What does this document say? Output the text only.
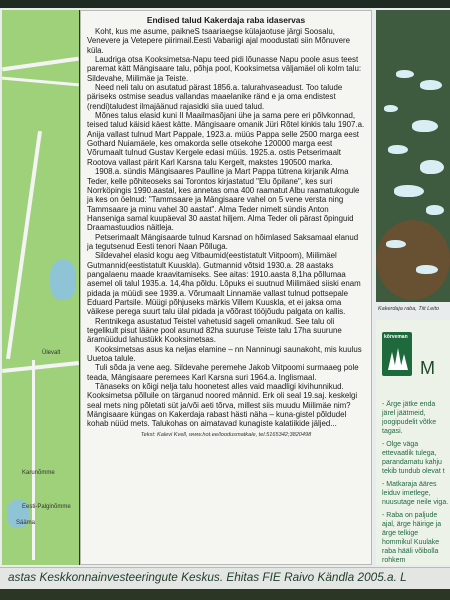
Ülevalt
Karunõmme
Eesti-Palginõmme
Sääma

Endised talud Kakerdaja raba idaservas

Koht, kus me asume, paikneS tsaariaegse külajaotuse järgi Soosalu, Venevere ja Vetepere piirimail.Eesti Vabariigi ajal moodustati siin Mõnuvere küla.

Laudriga otsa Kooksimetsa-Napu teed pidi lõunasse Napu poole asus teest paremat kätt Mängisaare talu, põhja pool, Kooksimetsa väljamäel oli kolm talu: Sildevahe, Miilimäe ja Teiste.

Need neli talu on asutatud pärast 1856.a. talurahvaseadust. Too talude päriseks ostmise seadus vallandas maaelanike ränd e ja oma endistest (rendi)taludest ilmajäänud rajasidki siia uued talud.

Mõnes talus elasid kuni II Maailmasõjani ühe ja sama pere eri põlvkonnad, teised talud käisid käest kätte. Mängisaare omanik Jüri Rõtel kinkis talu 1907.a. Anija vallast tulnud Mart Pappale, 1923.a. müüs Pappa selle 2500 marga eest Gothard Nuiamäele, kes omakorda selle otsekohe 120000 marga eest Võrumaalt tulnud Gustav Kergele edasi müüs. 1925.a. ostis Petserimaalt Rootova vallast pärit Karl Karsna talu Kergelt, makstes 190500 marka.

1908.a. sündis Mängisaares Paulline ja Mart Pappa tütrena kirjanik Alma Teder, kelle põhiteoseks sai Torontos kirjastatud "Elu õpilane", kes suri Norrköpingis 1990.aastal, kes annetas oma 400 raamatut Albu raamatukogule ja kes on öelnud: "Tammsaare ja Mängisaare vahel on 5 vene versta ning Tammsaare ja minu vahel 30 aastat". Alma Teder nimelt sündis Anton Hanseniga samal kuupäeval 30 aastat hiljem. Alma Teder oli pärast õpinguid Draamastuudios näitleja.

Petserimaalt Mängisaarde tulnud Karsnad on hõimlased Saksamaal elanud ja tegutsenud Eesti tenori Naan Põlluga.

Sildevahel elasid kogu aeg Vitbaumid(eestistatult Viitpoom), Miilimäel Gutmannid(eestistatult Kuuskla). Gutmannid võtsid 1930.a. 28 aastaks pangalaenu maade kraavitamiseks. See aitas: 1910.aasta 8,1ha põllumaa asemel oli talul 1935.a. 14,4ha põldu. Lõpuks ei suutnud Miilimäed siiski enam pidada ja müüdi see 1939.a. Võrumaalt Linnamäe vallast tulnud pottsepale Eduard Partsile. Müügi põhjuseks märkis Villem Kuuskla, et ei jaksa oma väikese perega suurt talu ülal pidada ja võõrast tööjõudu palgata on kallis.

Rentnikega asustatud Teistel vahetusid sageli omanikud. See talu oli tegelikult pisut lääne pool asunud 82ha suuruse Teiste talu 17ha suurune äramüüdud lahustükk Kooksimetsas.

Kooksimetsas asus ka neljas elamine – nn Nanninugi saunakoht, mis kuulus Uuetoa talule.

Tuli sõda ja vene aeg. Sildevahe peremehe Jakob Viitpoomi surmaaeg pole teada, Mängisaare peremees Karl Karsna suri 1964.a. Inglismaal.

Tänaseks on kõigi nelja talu hoonetest alles vaid maadligi kivihunnikud. Kooksimetsa põlluile on tärganud noored männid. Erk oli seal 19.saj. keskelgi seal mets ning põletati süt ja/või aeti tõrva, millest siis muudu Miilimäe nim? Mängisaare küngas on Kakerdaja rabast hästi näha – kuna-gistel põldudel kohab nüüd mets. Talukohas on aimatavad kunagiste kalatiikide jäljed...

Tekst: Kalevi Kvell, www.hot.ee/loodusmatkale, tel.5165342;3820498

Kakerdaja raba, Tiit Leito
kõrveman
M

- Ärge jätke enda järel jäätmeid, joogipudelit võtke tagasi.

- Olge väga ettevaatlik tulega, parandamatu kahju tekib tundub olevat t

- Matkaraja ääres leiduv imetlege, nuusutage neile viga.

- Raba on paljude ajal, ärge häirige ja ärge telkige hommikul Kuulake raba hääli võibolla rohkem

astas Keskkonnainvesteeringute Keskus. Ehitas FIE Raivo Kändla 2005.a. L
